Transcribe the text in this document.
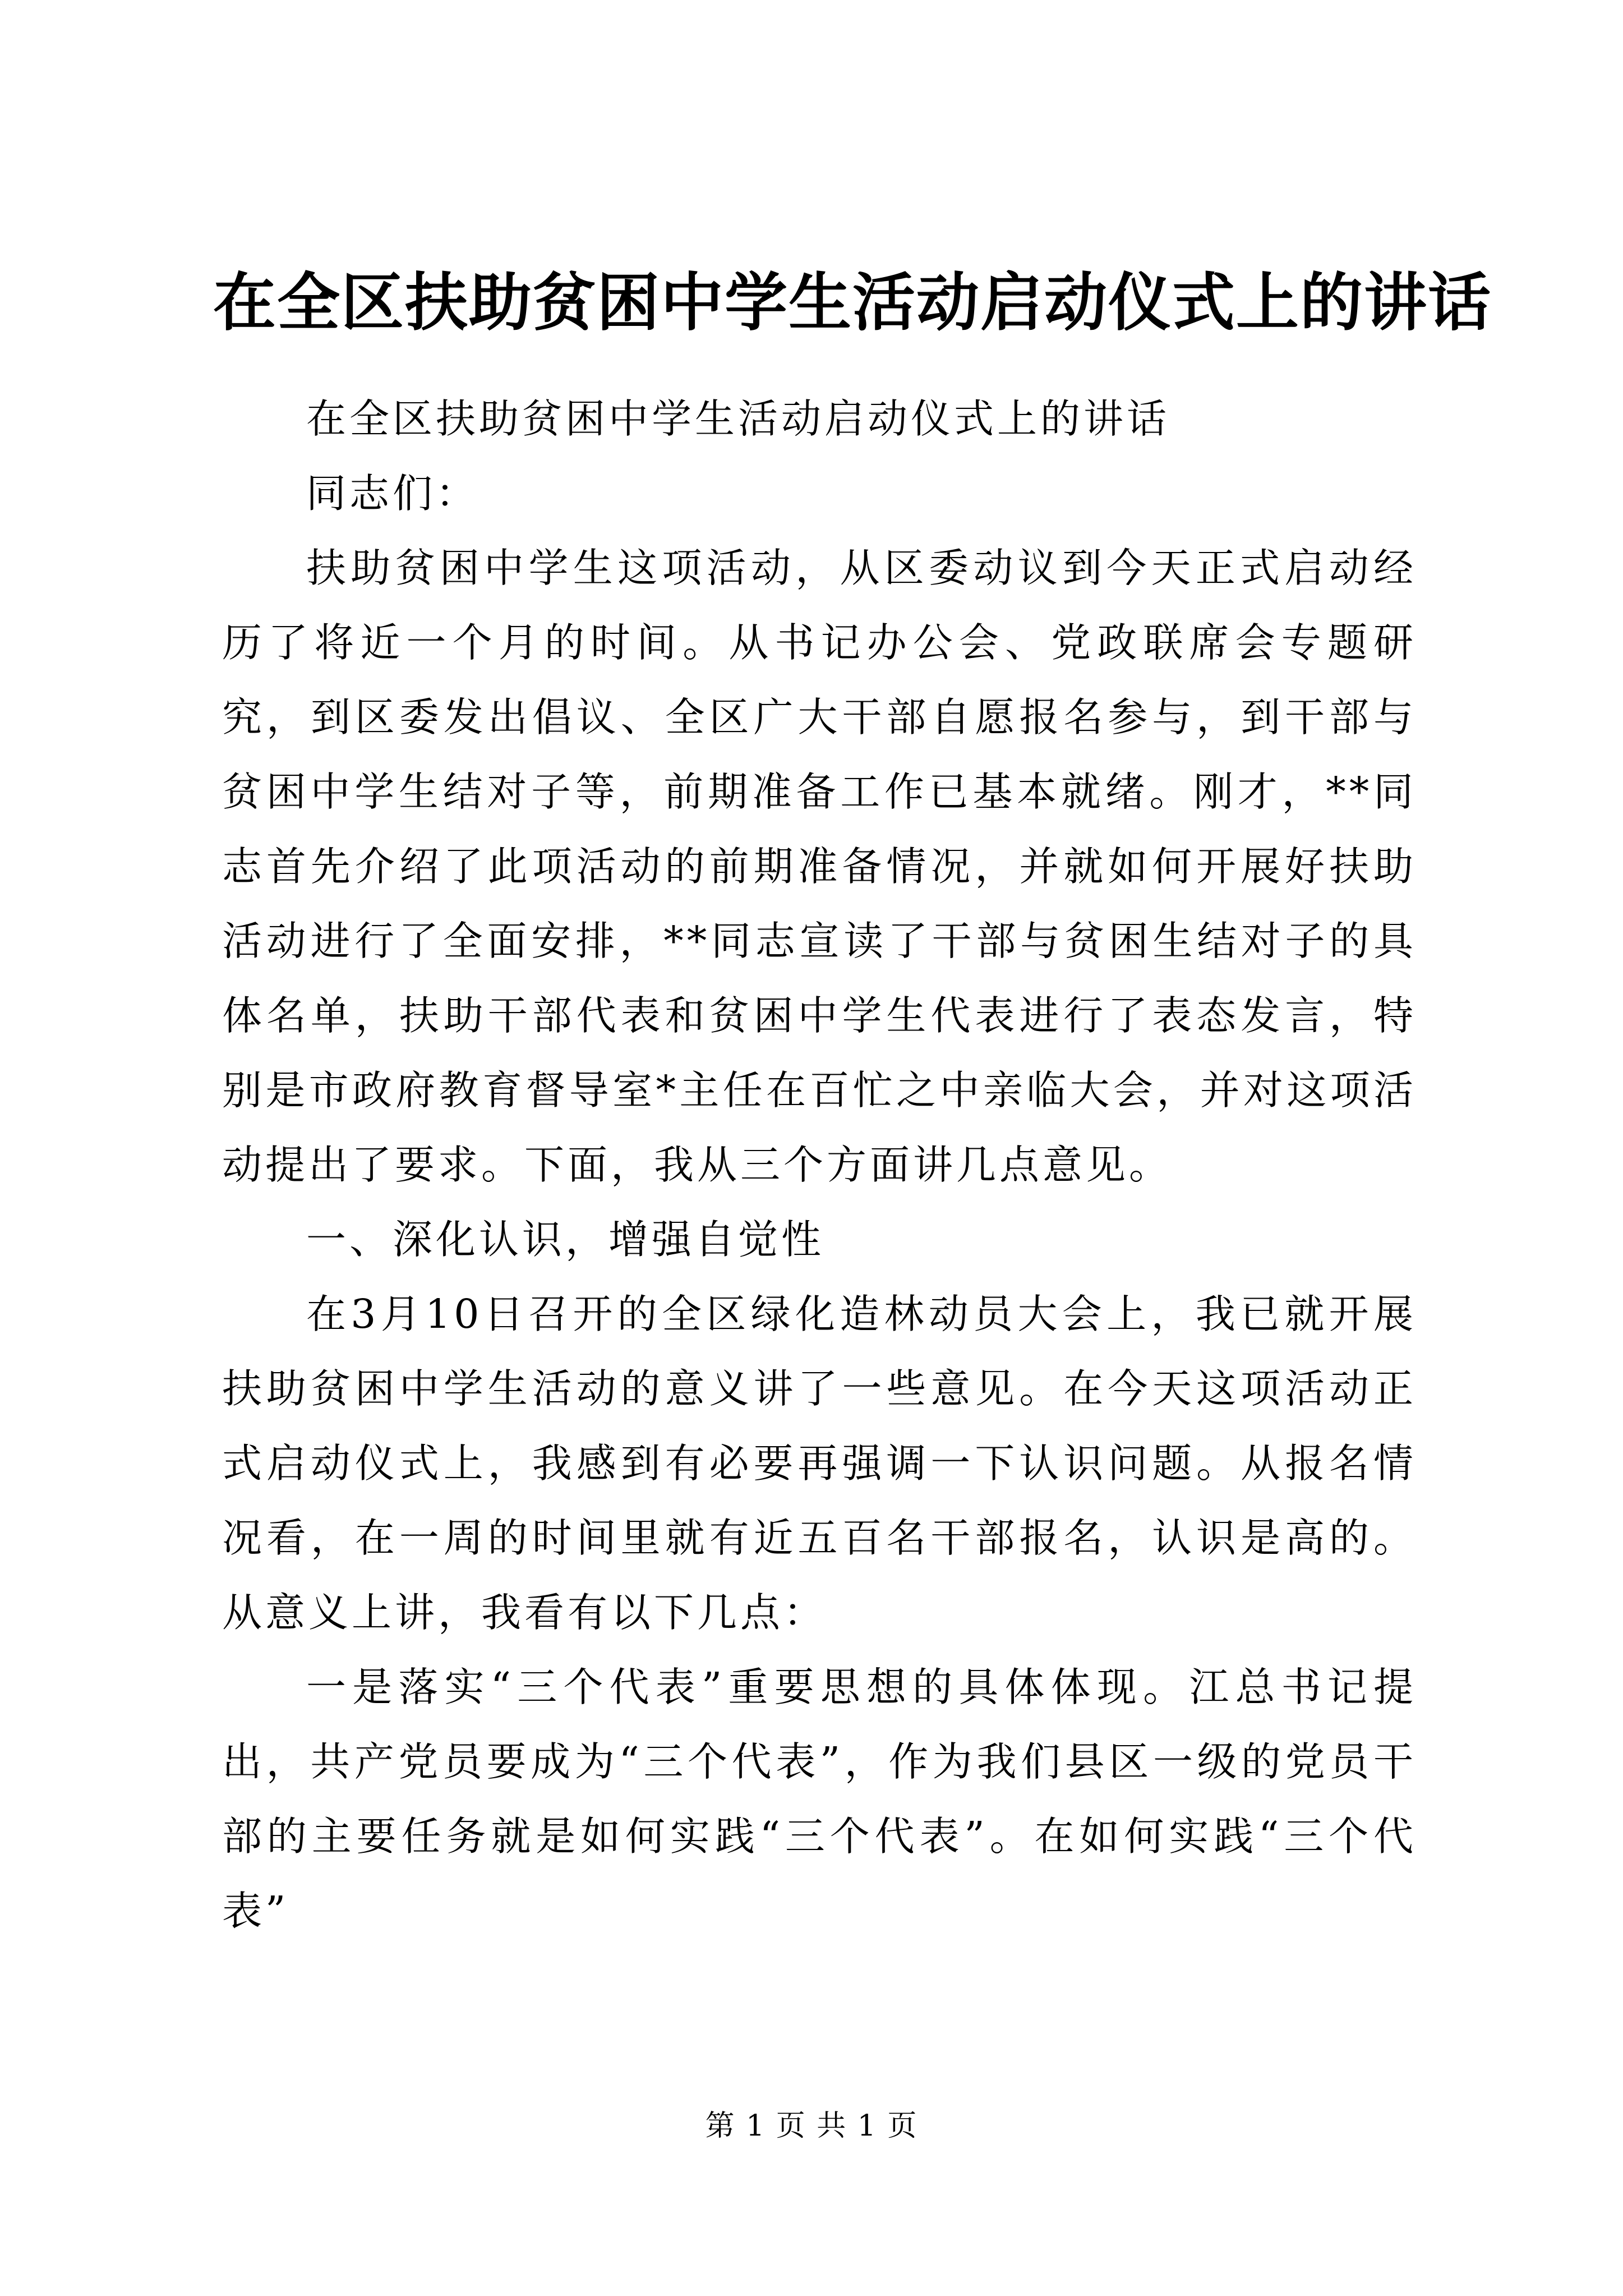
在全区扶助贫困中学生活动启动仪式上的讲话

在全区扶助贫困中学生活动启动仪式上的讲话

同志们：

扶助贫困中学生这项活动，从区委动议到今天正式启动经历了将近一个月的时间。从书记办公会、党政联席会专题研究，到区委发出倡议、全区广大干部自愿报名参与，到干部与贫困中学生结对子等，前期准备工作已基本就绪。刚才，**同志首先介绍了此项活动的前期准备情况，并就如何开展好扶助活动进行了全面安排，**同志宣读了干部与贫困生结对子的具体名单，扶助干部代表和贫困中学生代表进行了表态发言，特别是市政府教育督导室*主任在百忙之中亲临大会，并对这项活动提出了要求。下面，我从三个方面讲几点意见。

一、深化认识，增强自觉性

在3月10日召开的全区绿化造林动员大会上，我已就开展扶助贫困中学生活动的意义讲了一些意见。在今天这项活动正式启动仪式上，我感到有必要再强调一下认识问题。从报名情况看，在一周的时间里就有近五百名干部报名，认识是高的。从意义上讲，我看有以下几点：

一是落实“三个代表”重要思想的具体体现。江总书记提出，共产党员要成为“三个代表”，作为我们县区一级的党员干部的主要任务就是如何实践“三个代表”。在如何实践“三个代表”

第 1 页 共 1 页
